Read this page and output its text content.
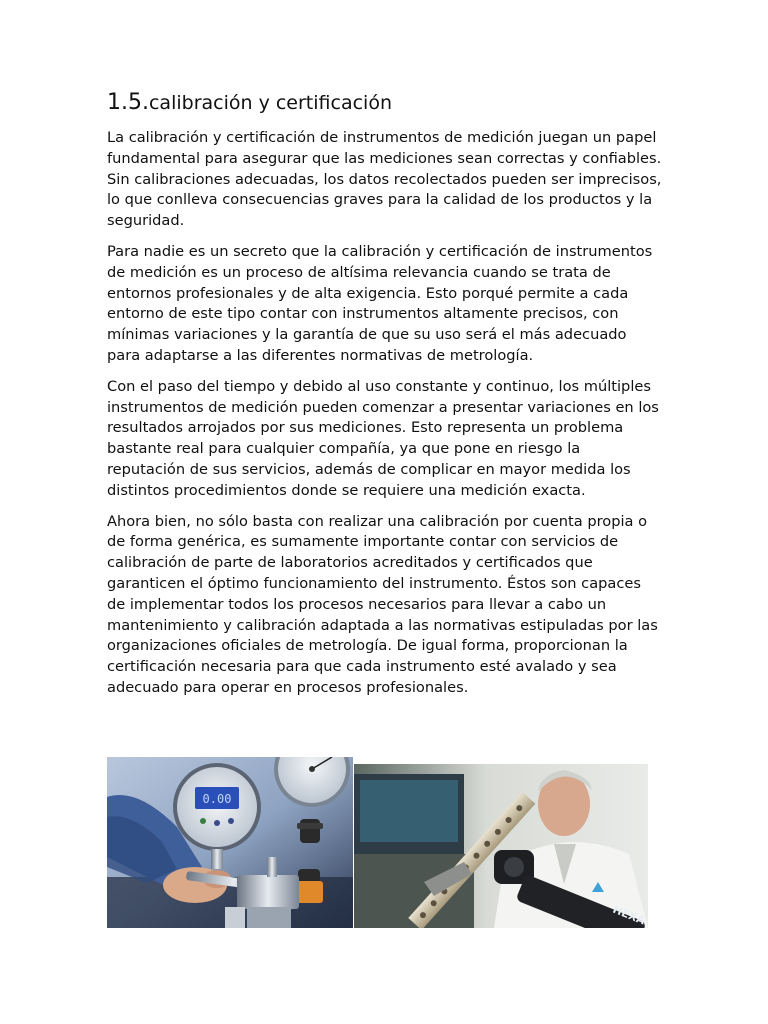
1.5.calibración y certificación

La calibración y certificación de instrumentos de medición juegan un papel fundamental para asegurar que las mediciones sean correctas y confiables. Sin calibraciones adecuadas, los datos recolectados pueden ser imprecisos, lo que conlleva consecuencias graves para la calidad de los productos y la seguridad.

Para nadie es un secreto que la calibración y certificación de instrumentos de medición es un proceso de altísima relevancia cuando se trata de entornos profesionales y de alta exigencia. Esto porqué permite a cada entorno de este tipo contar con instrumentos altamente precisos, con mínimas variaciones y la garantía de que su uso será el más adecuado para adaptarse a las diferentes normativas de metrología.

Con el paso del tiempo y debido al uso constante y continuo, los múltiples instrumentos de medición pueden comenzar a presentar variaciones en los resultados arrojados por sus mediciones. Esto representa un problema bastante real para cualquier compañía, ya que pone en riesgo la reputación de sus servicios, además de complicar en mayor medida los distintos procedimientos donde se requiere una medición exacta.

Ahora bien, no sólo basta con realizar una calibración por cuenta propia o de forma genérica, es sumamente importante contar con servicios de calibración de parte de laboratorios acreditados y certificados que garanticen el óptimo funcionamiento del instrumento. Éstos son capaces de implementar todos los procesos necesarios para llevar a cabo un mantenimiento y calibración adaptada a las normativas estipuladas por las organizaciones oficiales de metrología. De igual forma, proporcionan la certificación necesaria para que cada instrumento esté avalado y sea adecuado para operar en procesos profesionales.

0.00
HEXA
